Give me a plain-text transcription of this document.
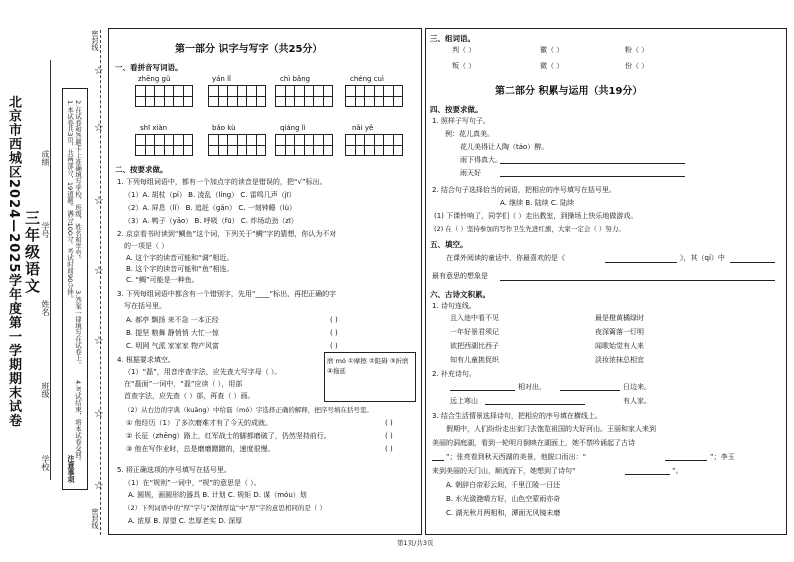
密封线
密封线
☆
☆
☆
☆
☆
☆
☆
北京市西城区2024—2025学年度第一学期期末试卷 三年级语文
学校
班级
姓名
学号
成绩
注意事项
1.本试卷共3页，共两部分，19道题。满分100分。考试时间90分钟。 2.在试卷和答题卡上准确填写学校、班级、姓名和学号。
3.答案一律填写在试卷上。
4.考试结束，将本试卷交回。
第一部分 识字与写字（共25分）
一、看拼音写词语。
zhēng gǔ	yán lǐ	chì bǎng	chéng cuì
shī xiàn	bǎo kù	qiáng lì	nǎi yě
二、按要求做。
1. 下列每组词语中，都有一个加点字的读音是错误的，把“√”标出。
（1）A. 胡杖（pí） B. 凌乱（líng） C. 雷鸣几声（jī）
（2）A. 屏息（lǐ） B. 追赶（gǎn） C. 一刻钟睡（lù）
（3）A. 鸭子（yāo） B. 呼吸（fū） C. 炸场动劲（zī）
2. 京京看书时读到“鲷鱼”这个词，下列关于“鲷”字的猜想，你认为不对
的一项是（ ）
A. 这个字的读音可能和“调”相近。
B. 这个字的读音可能和“鱼”相连。
C. “鲷”可能是一种鱼。
3. 下列每组词语中都含有一个错别字，先用“____”标出，再把正确的字
写在括号里。
A. 郝亭 飘扬 来不急 一本正经
B. 提坚 粮舞 静悄悄 大忙一惊
C. 明网 气派 家家家 物产风富
( )
( )
( )
4. 根据要求填空。
（1）“磊”，用音序查字法，应先查大写字母（ ）。
在“磊面”一词中，“磊”应读（ ），用部
首查字法，应先查（ ）部，再查（ ）画。
磨 mó ①摩擦 ②阻碍 ③折磨 ④拖延
（2）从右边的字典（kuāng）中给磊（mó）字选择正确的解释，把序号填在括号里。
① 他经历（1）了多次磨难才有了今天的成就。
② 长征（zhēng）路上，红军战士的脚都磨破了，仍然坚持前行。
③ 他在写作业时，总是磨磨蹭蹭的，速度很慢。
( )
( )
( )
5. 将正确选项的序号填写在括号里。
（1）在“规则”一词中，“规”的意思是（ ）。
A. 圆规，画圆形的器具 B. 计划 C. 规矩 D. 谋（móu）划
（2）下列词语中的“厚”字与“深情厚谊”中“厚”字的意思相同的是（ ）
A. 浓厚 B. 厚望 C. 忠厚老实 D. 深厚
三、组词语。
判（ ）	徽（ ）	粉（ ）
叛（ ）	微（ ）	份（ ）
第二部分 积累与运用（共19分）
四、按要求做。
1. 照样子写句子。
例：花儿真美。
花儿美得让人陶（táo）醉。
雨下得真大。
雨天好
2. 结合句子选择恰当的词语，把相应的序号填写在括号里。
A. 继续 B. 陆续 C. 陆续
(1) 下课铃响了，同学们（ ）走出教室，到操场上快乐地做游戏。
(2) 在（ ）坚持参加的写作卫生先进红旗，大家一定会（ ）努力。
五、填空。
在课外阅读的童话中，你最喜欢的是《	》，其（qí）中
最有意思的想象是
六、古诗文积累。
1. 诗句连线。
且入池中看不见
一年好景君须记
欲把西湖比西子
知有儿童挑促织
最是橙黄橘绿时
夜深篱落一灯明
闻歌始觉有人来
淡妆浓抹总相宜
2. 补充诗句。
相对出，	日边来。
远上寒山	有人家。
3. 结合生活情景选择诗句，把相应的序号填在横线上。
假期中，人们纷纷走出家门去饱览祖国的大好河山。王丽和家人来到
美丽的洞庭湖，看到一轮明月倒映在湖面上，她不禁吟诵起了古诗
”；张亮看到秋天西湖的美景，他脱口而出：“	”；李玉
来到美丽的天门山，顺流而下，她想到了诗句“	”。
A. 朝辞白帝彩云间，千里江陵一日还
B. 水光潋滟晴方好，山色空蒙雨亦奇
C. 湖光秋月两相和，潭面无风镜未磨
第1页/共3页
